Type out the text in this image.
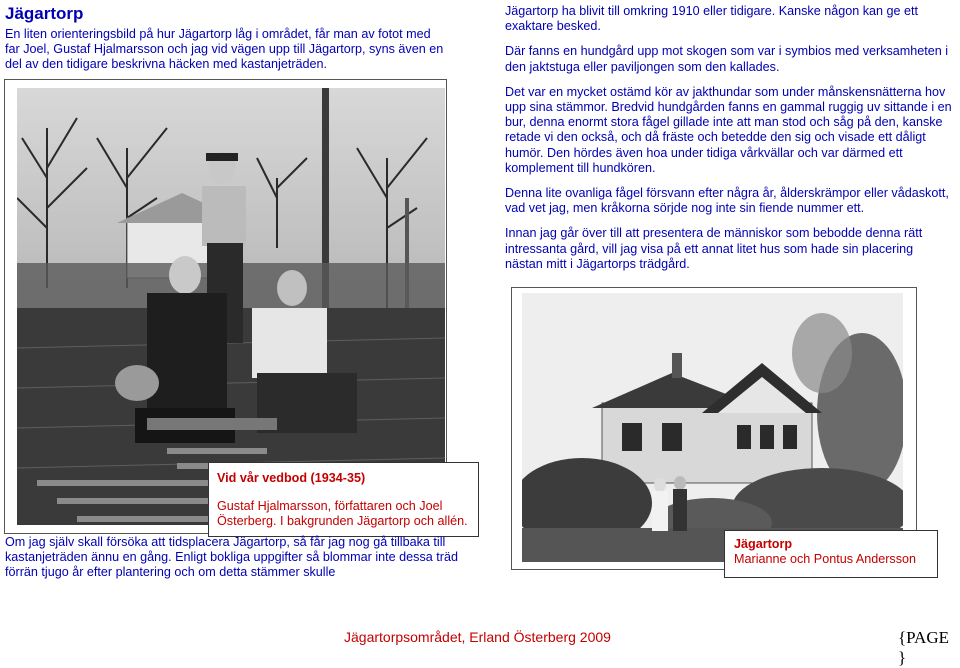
Jägartorp
En liten orienteringsbild på hur Jägartorp låg i området, får man av fotot med far Joel, Gustaf Hjalmarsson och jag vid vägen upp till Jägartorp, syns även en del av den tidigare beskrivna häcken med kastanjeträden.

Jägartorp ha blivit till omkring 1910 eller tidigare. Kanske någon kan ge ett exaktare besked.

Där fanns en hundgård upp mot skogen som var i symbios med verksamheten i den jaktstuga eller paviljongen som den kallades.

Det var en mycket ostämd kör av jakthundar som under månskensnätterna hov upp sina stämmor. Bredvid hundgården fanns en gammal ruggig uv sittande i en bur, denna enormt stora fågel gillade inte att man stod och såg på den, kanske retade vi den också, och då fräste och betedde den sig och visade ett dåligt humör. Den hördes även hoa under tidiga vårkvällar och var därmed ett komplement till hundkören.

Denna lite ovanliga fågel försvann efter några år, ålderskrämpor eller vådaskott, vad vet jag, men kråkorna sörjde nog inte sin fiende nummer ett.

Innan jag går över till att presentera de människor som bebodde denna rätt intressanta gård, vill jag visa på ett annat litet hus som hade sin placering nästan mitt i Jägartorps trädgård.

Vid vår vedbod (1934-35)
Gustaf Hjalmarsson, författaren och Joel Österberg. I bakgrunden Jägartorp och allén.
Om jag själv skall försöka att tidsplacera Jägartorp, så får jag nog gå tillbaka till kastanjeträden ännu en gång. Enligt bokliga uppgifter så blommar inte dessa träd förrän tjugo år efter plantering och om detta stämmer skulle
Jägartorp
Marianne och Pontus Andersson
Jägartorpsområdet, Erland Österberg 2009	{PAGE }
